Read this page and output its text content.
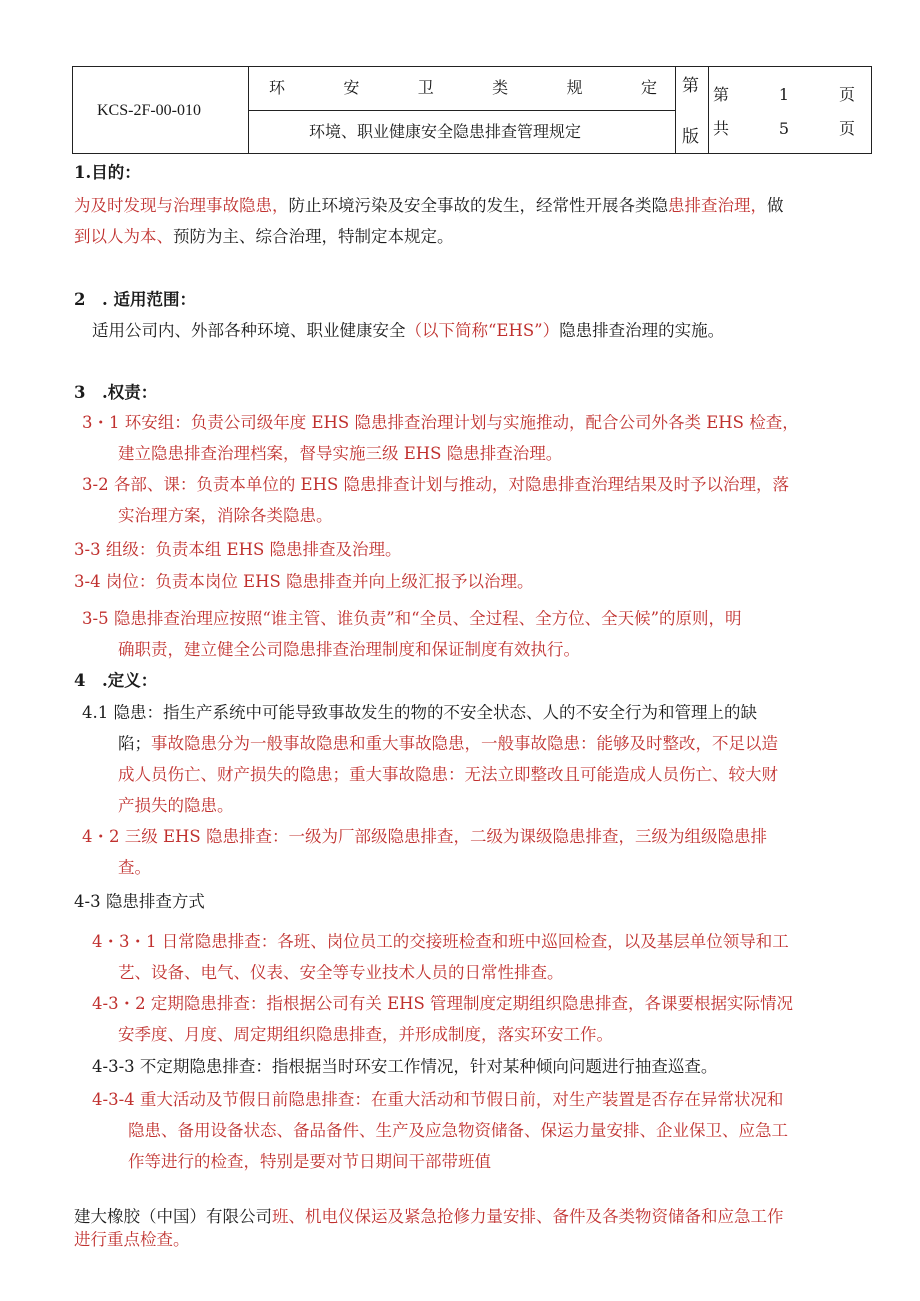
KCS-2F-00-010
环	安	卫	类	规	定
环境、职业健康安全隐患排查管理规定
第
版
第	1	页
共	5	页
1.目的：
为及时发现与治理事故隐患，防止环境污染及安全事故的发生，经常性开展各类隐患排查治理，做
到以人为本、预防为主、综合治理，特制定本规定。
2　. 适用范围：
适用公司内、外部各种环境、职业健康安全（以下简称“EHS”）隐患排查治理的实施。
3　.权责：
3・1 环安组：负责公司级年度 EHS 隐患排查治理计划与实施推动，配合公司外各类 EHS 检查，
建立隐患排查治理档案，督导实施三级 EHS 隐患排查治理。
3-2 各部、课：负责本单位的 EHS 隐患排查计划与推动，对隐患排查治理结果及时予以治理，落
实治理方案，消除各类隐患。
3-3 组级：负责本组 EHS 隐患排查及治理。
3-4 岗位：负责本岗位 EHS 隐患排查并向上级汇报予以治理。
3-5 隐患排查治理应按照“谁主管、谁负责”和“全员、全过程、全方位、全天候”的原则，明
确职责，建立健全公司隐患排查治理制度和保证制度有效执行。
4　.定义：
4.1 隐患：指生产系统中可能导致事故发生的物的不安全状态、人的不安全行为和管理上的缺
陷；事故隐患分为一般事故隐患和重大事故隐患，一般事故隐患：能够及时整改，不足以造
成人员伤亡、财产损失的隐患；重大事故隐患：无法立即整改且可能造成人员伤亡、较大财
产损失的隐患。
4・2 三级 EHS 隐患排查：一级为厂部级隐患排查，二级为课级隐患排查，三级为组级隐患排
查。
4-3 隐患排查方式
4・3・1 日常隐患排查：各班、岗位员工的交接班检查和班中巡回检查，以及基层单位领导和工
艺、设备、电气、仪表、安全等专业技术人员的日常性排查。
4-3・2 定期隐患排查：指根据公司有关 EHS 管理制度定期组织隐患排查，各课要根据实际情况
安季度、月度、周定期组织隐患排查，并形成制度，落实环安工作。
4-3-3 不定期隐患排查：指根据当时环安工作情况，针对某种倾向问题进行抽查巡查。
4-3-4 重大活动及节假日前隐患排查：在重大活动和节假日前，对生产装置是否存在异常状况和
隐患、备用设备状态、备品备件、生产及应急物资储备、保运力量安排、企业保卫、应急工
作等进行的检查，特别是要对节日期间干部带班值
建大橡胶（中国）有限公司班、机电仪保运及紧急抢修力量安排、备件及各类物资储备和应急工作
进行重点检查。
